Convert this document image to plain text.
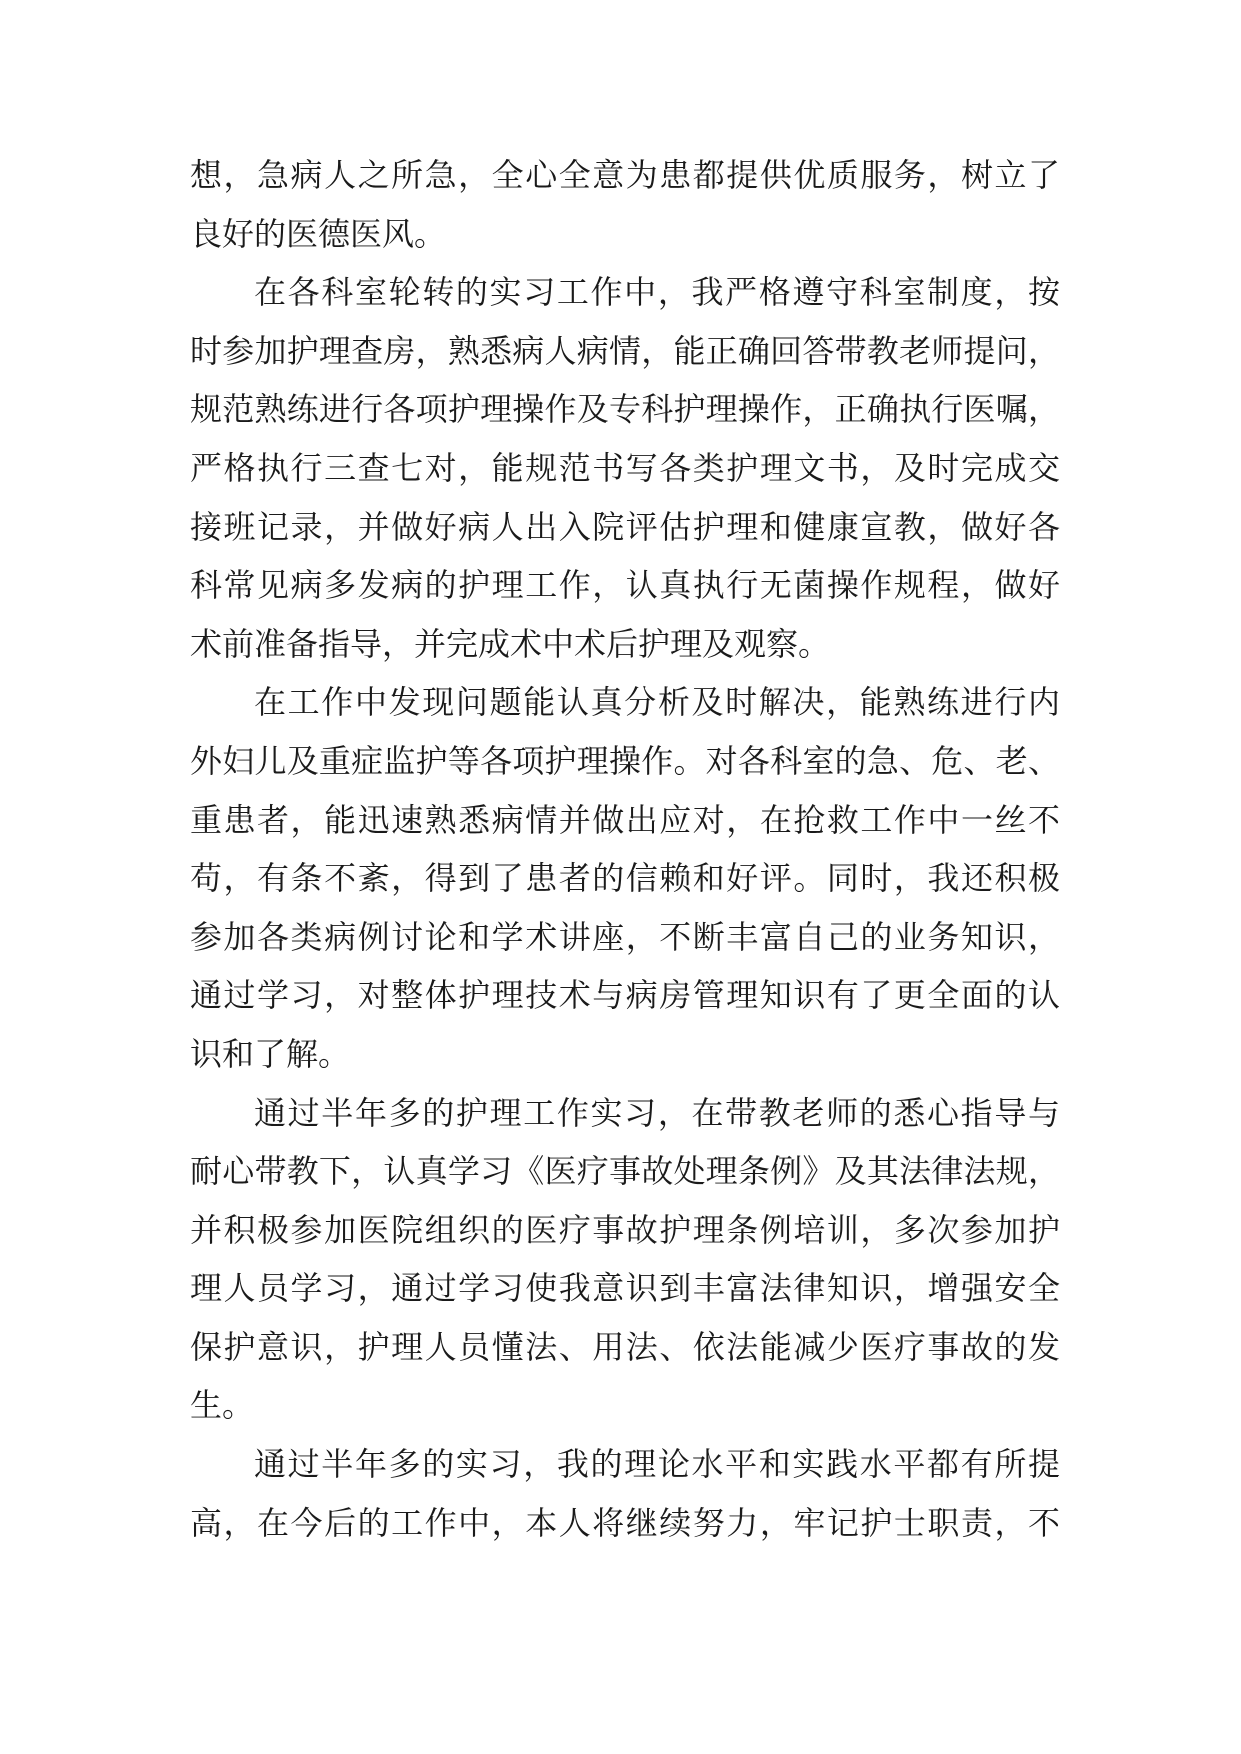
想，急病人之所急，全心全意为患都提供优质服务，树立了
良好的医德医风。
在各科室轮转的实习工作中，我严格遵守科室制度，按
时参加护理查房，熟悉病人病情，能正确回答带教老师提问，
规范熟练进行各项护理操作及专科护理操作，正确执行医嘱，
严格执行三查七对，能规范书写各类护理文书，及时完成交
接班记录，并做好病人出入院评估护理和健康宣教，做好各
科常见病多发病的护理工作，认真执行无菌操作规程，做好
术前准备指导，并完成术中术后护理及观察。
在工作中发现问题能认真分析及时解决，能熟练进行内
外妇儿及重症监护等各项护理操作。对各科室的急、危、老、
重患者，能迅速熟悉病情并做出应对，在抢救工作中一丝不
苟，有条不紊，得到了患者的信赖和好评。同时，我还积极
参加各类病例讨论和学术讲座，不断丰富自己的业务知识，
通过学习，对整体护理技术与病房管理知识有了更全面的认
识和了解。
通过半年多的护理工作实习，在带教老师的悉心指导与
耐心带教下，认真学习《医疗事故处理条例》及其法律法规，
并积极参加医院组织的医疗事故护理条例培训，多次参加护
理人员学习，通过学习使我意识到丰富法律知识，增强安全
保护意识，护理人员懂法、用法、依法能减少医疗事故的发
生。
通过半年多的实习，我的理论水平和实践水平都有所提
高，在今后的工作中，本人将继续努力，牢记护士职责，不
